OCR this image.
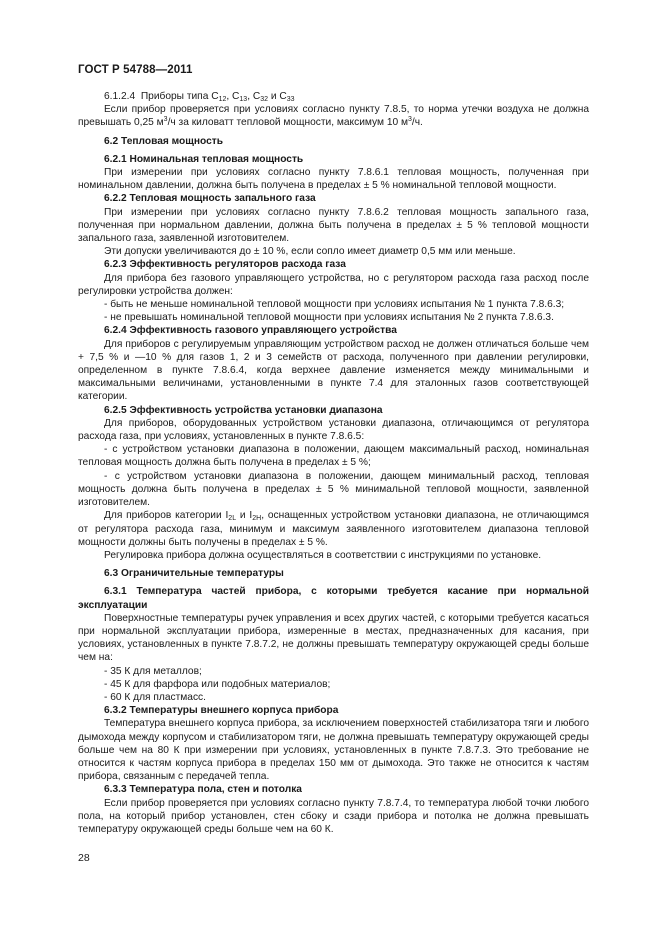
ГОСТ Р 54788—2011

6.1.2.4 Приборы типа $С_{12}$, $С_{13}$, $С_{32}$ и $С_{33}$

Если прибор проверяется при условиях согласно пункту 7.8.5, то норма утечки воздуха не должна превышать 0,25 $м^3/ч$ за киловатт тепловой мощности, максимум 10 $м^3/ч$.

6.2 Тепловая мощность

6.2.1 Номинальная тепловая мощность

При измерении при условиях согласно пункту 7.8.6.1 тепловая мощность, полученная при номинальном давлении, должна быть получена в пределах ± 5 % номинальной тепловой мощности.

6.2.2 Тепловая мощность запального газа

При измерении при условиях согласно пункту 7.8.6.2 тепловая мощность запального газа, полученная при нормальном давлении, должна быть получена в пределах ± 5 % тепловой мощности запального газа, заявленной изготовителем.

Эти допуски увеличиваются до ± 10 %, если сопло имеет диаметр 0,5 мм или меньше.

6.2.3 Эффективность регуляторов расхода газа

Для прибора без газового управляющего устройства, но с регулятором расхода газа расход после регулировки устройства должен:

- быть не меньше номинальной тепловой мощности при условиях испытания № 1 пункта 7.8.6.3;

- не превышать номинальной тепловой мощности при условиях испытания № 2 пункта 7.8.6.3.

6.2.4 Эффективность газового управляющего устройства

Для приборов с регулируемым управляющим устройством расход не должен отличаться больше чем + 7,5 % и —10 % для газов 1, 2 и 3 семейств от расхода, полученного при давлении регулировки, определенном в пункте 7.8.6.4, когда верхнее давление изменяется между минимальными и максимальными величинами, установленными в пункте 7.4 для эталонных газов соответствующей категории.

6.2.5 Эффективность устройства установки диапазона

Для приборов, оборудованных устройством установки диапазона, отличающимся от регулятора расхода газа, при условиях, установленных в пункте 7.8.6.5:

- с устройством установки диапазона в положении, дающем максимальный расход, номинальная тепловая мощность должна быть получена в пределах ± 5 %;

- с устройством установки диапазона в положении, дающем минимальный расход, тепловая мощность должна быть получена в пределах ± 5 % минимальной тепловой мощности, заявленной изготовителем.

Для приборов категории $I_{2L}$ и $I_{2H}$, оснащенных устройством установки диапазона, не отличающимся от регулятора расхода газа, минимум и максимум заявленного изготовителем диапазона тепловой мощности должны быть получены в пределах ± 5 %.

Регулировка прибора должна осуществляться в соответствии с инструкциями по установке.

6.3 Ограничительные температуры

6.3.1 Температура частей прибора, с которыми требуется касание при нормальной эксплуатации

Поверхностные температуры ручек управления и всех других частей, с которыми требуется касаться при нормальной эксплуатации прибора, измеренные в местах, предназначенных для касания, при условиях, установленных в пункте 7.8.7.2, не должны превышать температуру окружающей среды больше чем на:

- 35 К для металлов;

- 45 К для фарфора или подобных материалов;

- 60 К для пластмасс.

6.3.2 Температуры внешнего корпуса прибора

Температура внешнего корпуса прибора, за исключением поверхностей стабилизатора тяги и любого дымохода между корпусом и стабилизатором тяги, не должна превышать температуру окружающей среды больше чем на 80 К при измерении при условиях, установленных в пункте 7.8.7.3. Это требование не относится к частям корпуса прибора в пределах 150 мм от дымохода. Это также не относится к частям прибора, связанным с передачей тепла.

6.3.3 Температура пола, стен и потолка

Если прибор проверяется при условиях согласно пункту 7.8.7.4, то температура любой точки любого пола, на который прибор установлен, стен сбоку и сзади прибора и потолка не должна превышать температуру окружающей среды больше чем на 60 К.

28
